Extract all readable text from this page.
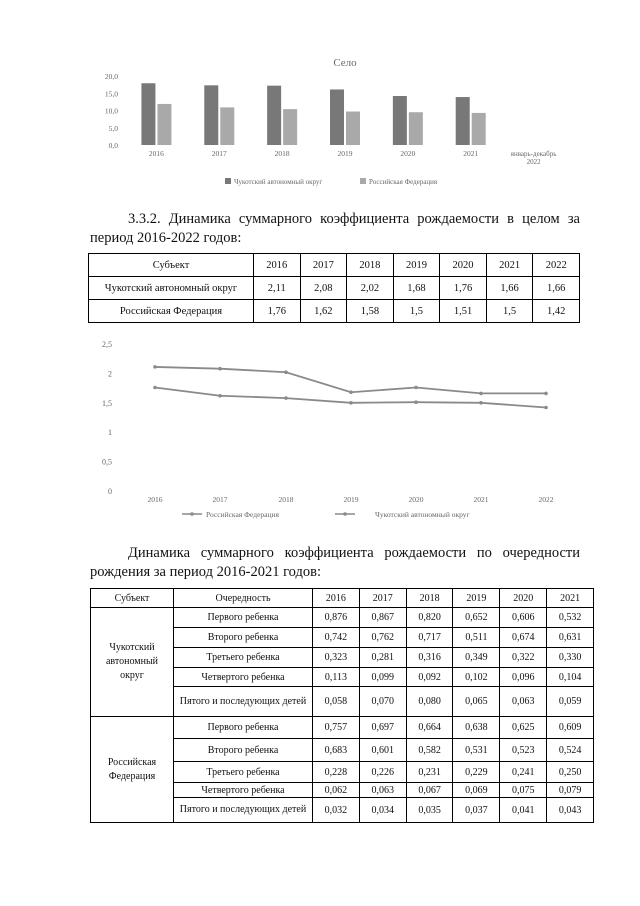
Село
20,0
15,0
10,0
5,0
0,0
2016	2017	2018	2019	2020	2021	январь-декабрь
2022
Чукотский автономный округ	Российская Федерация
3.3.2. Динамика суммарного коэффициента рождаемости в целом за период 2016-2022 годов:
Субъект	2016	2017	2018	2019	2020	2021	2022
Чукотский автономный округ	2,11	2,08	2,02	1,68	1,76	1,66	1,66
Российская Федерация	1,76	1,62	1,58	1,5	1,51	1,5	1,42
2,5
2
1,5
1
0,5
0
2016	2017	2018	2019	2020	2021	2022
Российская Федерация	Чукотский автономный округ
Динамика суммарного коэффициента рождаемости по очередности рождения за период 2016-2021 годов:
Субъект	Очередность	2016	2017	2018	2019	2020	2021
Чукотский автономный округ	Первого ребенка	0,876	0,867	0,820	0,652	0,606	0,532
	Второго ребенка	0,742	0,762	0,717	0,511	0,674	0,631
	Третьего ребенка	0,323	0,281	0,316	0,349	0,322	0,330
	Четвертого ребенка	0,113	0,099	0,092	0,102	0,096	0,104
	Пятого и последующих детей	0,058	0,070	0,080	0,065	0,063	0,059
Российская Федерация	Первого ребенка	0,757	0,697	0,664	0,638	0,625	0,609
	Второго ребенка	0,683	0,601	0,582	0,531	0,523	0,524
	Третьего ребенка	0,228	0,226	0,231	0,229	0,241	0,250
	Четвертого ребенка	0,062	0,063	0,067	0,069	0,075	0,079
	Пятого и последующих детей	0,032	0,034	0,035	0,037	0,041	0,043
